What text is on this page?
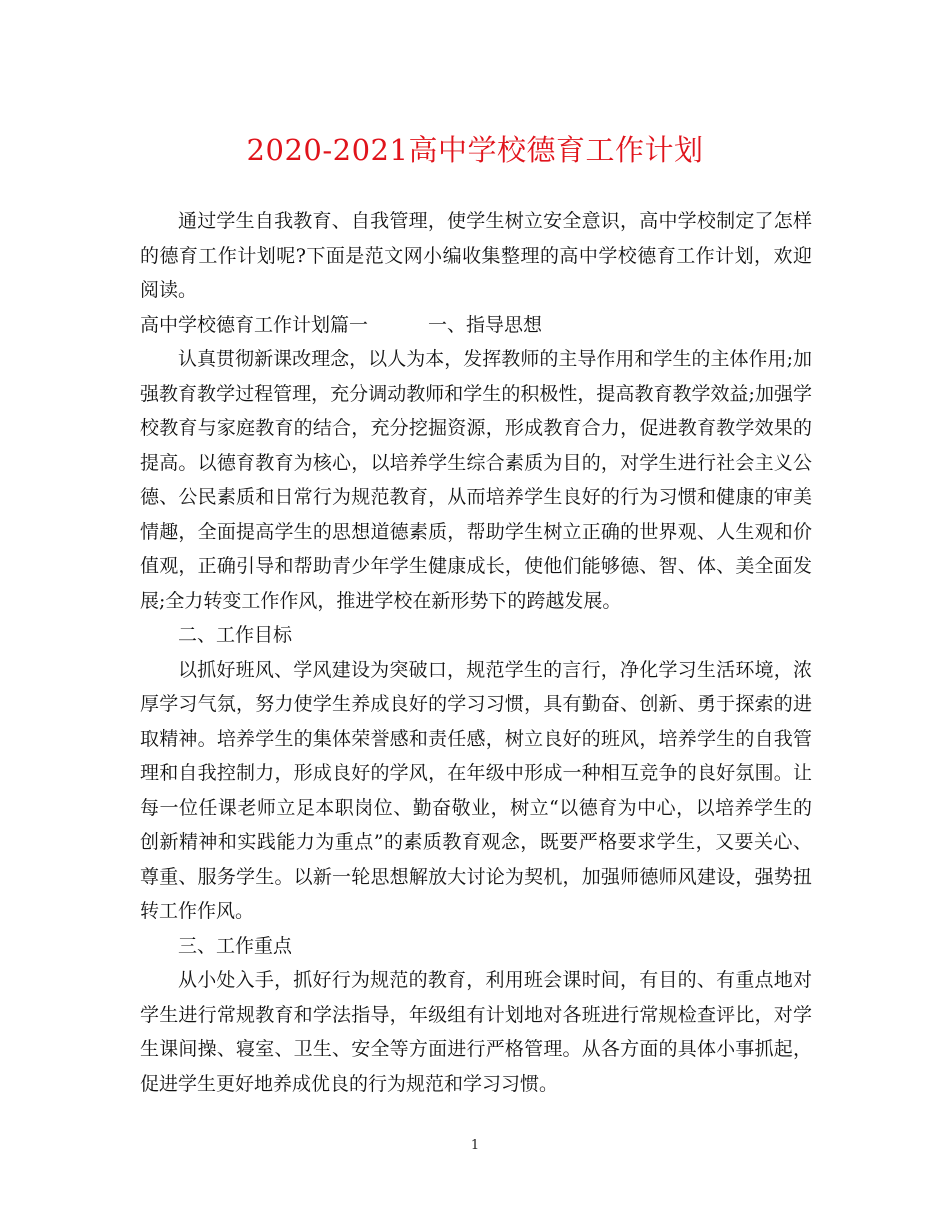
2020-2021高中学校德育工作计划

通过学生自我教育、自我管理，使学生树立安全意识，高中学校制定了怎样的德育工作计划呢?下面是范文网小编收集整理的高中学校德育工作计划，欢迎阅读。

高中学校德育工作计划篇一	一、指导思想

认真贯彻新课改理念，以人为本，发挥教师的主导作用和学生的主体作用;加强教育教学过程管理，充分调动教师和学生的积极性，提高教育教学效益;加强学校教育与家庭教育的结合，充分挖掘资源，形成教育合力，促进教育教学效果的提高。以德育教育为核心，以培养学生综合素质为目的，对学生进行社会主义公德、公民素质和日常行为规范教育，从而培养学生良好的行为习惯和健康的审美情趣，全面提高学生的思想道德素质，帮助学生树立正确的世界观、人生观和价值观，正确引导和帮助青少年学生健康成长，使他们能够德、智、体、美全面发展;全力转变工作作风，推进学校在新形势下的跨越发展。

二、工作目标

以抓好班风、学风建设为突破口，规范学生的言行，净化学习生活环境，浓厚学习气氛，努力使学生养成良好的学习习惯，具有勤奋、创新、勇于探索的进取精神。培养学生的集体荣誉感和责任感，树立良好的班风，培养学生的自我管理和自我控制力，形成良好的学风，在年级中形成一种相互竞争的良好氛围。让每一位任课老师立足本职岗位、勤奋敬业，树立“以德育为中心，以培养学生的创新精神和实践能力为重点”的素质教育观念，既要严格要求学生，又要关心、尊重、服务学生。以新一轮思想解放大讨论为契机，加强师德师风建设，强势扭转工作作风。

三、工作重点

从小处入手，抓好行为规范的教育，利用班会课时间，有目的、有重点地对学生进行常规教育和学法指导，年级组有计划地对各班进行常规检查评比，对学生课间操、寝室、卫生、安全等方面进行严格管理。从各方面的具体小事抓起，促进学生更好地养成优良的行为规范和学习习惯。

1
